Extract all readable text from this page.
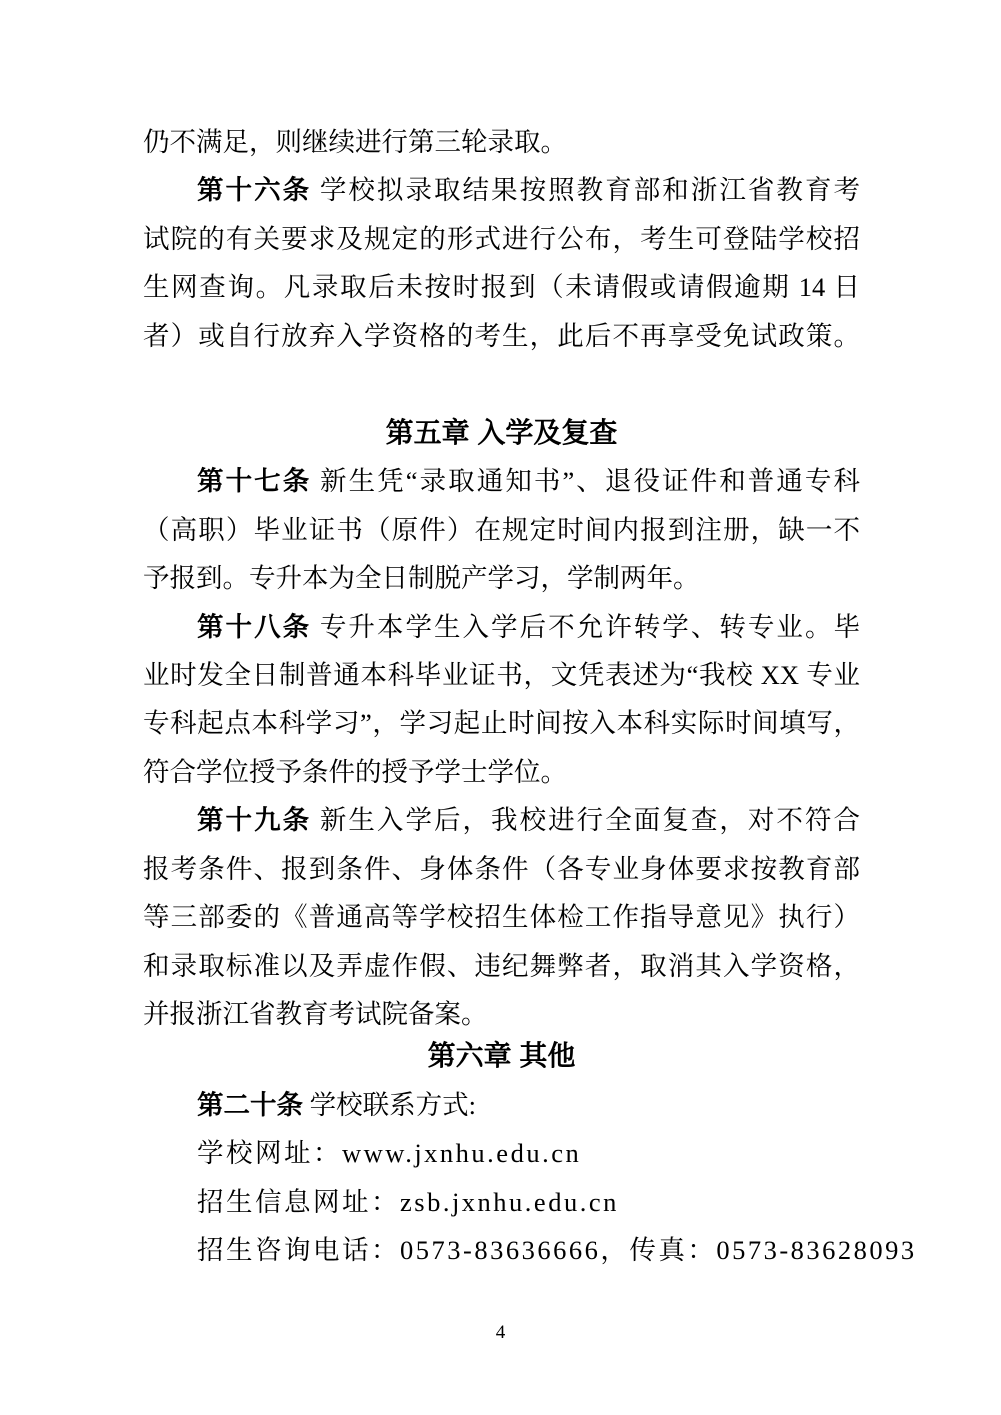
仍不满足，则继续进行第三轮录取。
第十六条 学校拟录取结果按照教育部和浙江省教育考
试院的有关要求及规定的形式进行公布，考生可登陆学校招
生网查询。凡录取后未按时报到（未请假或请假逾期 14 日
者）或自行放弃入学资格的考生，此后不再享受免试政策。
第五章 入学及复查
第十七条 新生凭“录取通知书”、退役证件和普通专科
（高职）毕业证书（原件）在规定时间内报到注册，缺一不
予报到。专升本为全日制脱产学习，学制两年。
第十八条 专升本学生入学后不允许转学、转专业。毕
业时发全日制普通本科毕业证书，文凭表述为“我校 XX 专业
专科起点本科学习”，学习起止时间按入本科实际时间填写，
符合学位授予条件的授予学士学位。
第十九条 新生入学后，我校进行全面复查，对不符合
报考条件、报到条件、身体条件（各专业身体要求按教育部
等三部委的《普通高等学校招生体检工作指导意见》执行）
和录取标准以及弄虚作假、违纪舞弊者，取消其入学资格，
并报浙江省教育考试院备案。
第六章 其他
第二十条 学校联系方式:
学校网址：www.jxnhu.edu.cn
招生信息网址：zsb.jxnhu.edu.cn
招生咨询电话：0573-83636666，传真：0573-83628093
4
